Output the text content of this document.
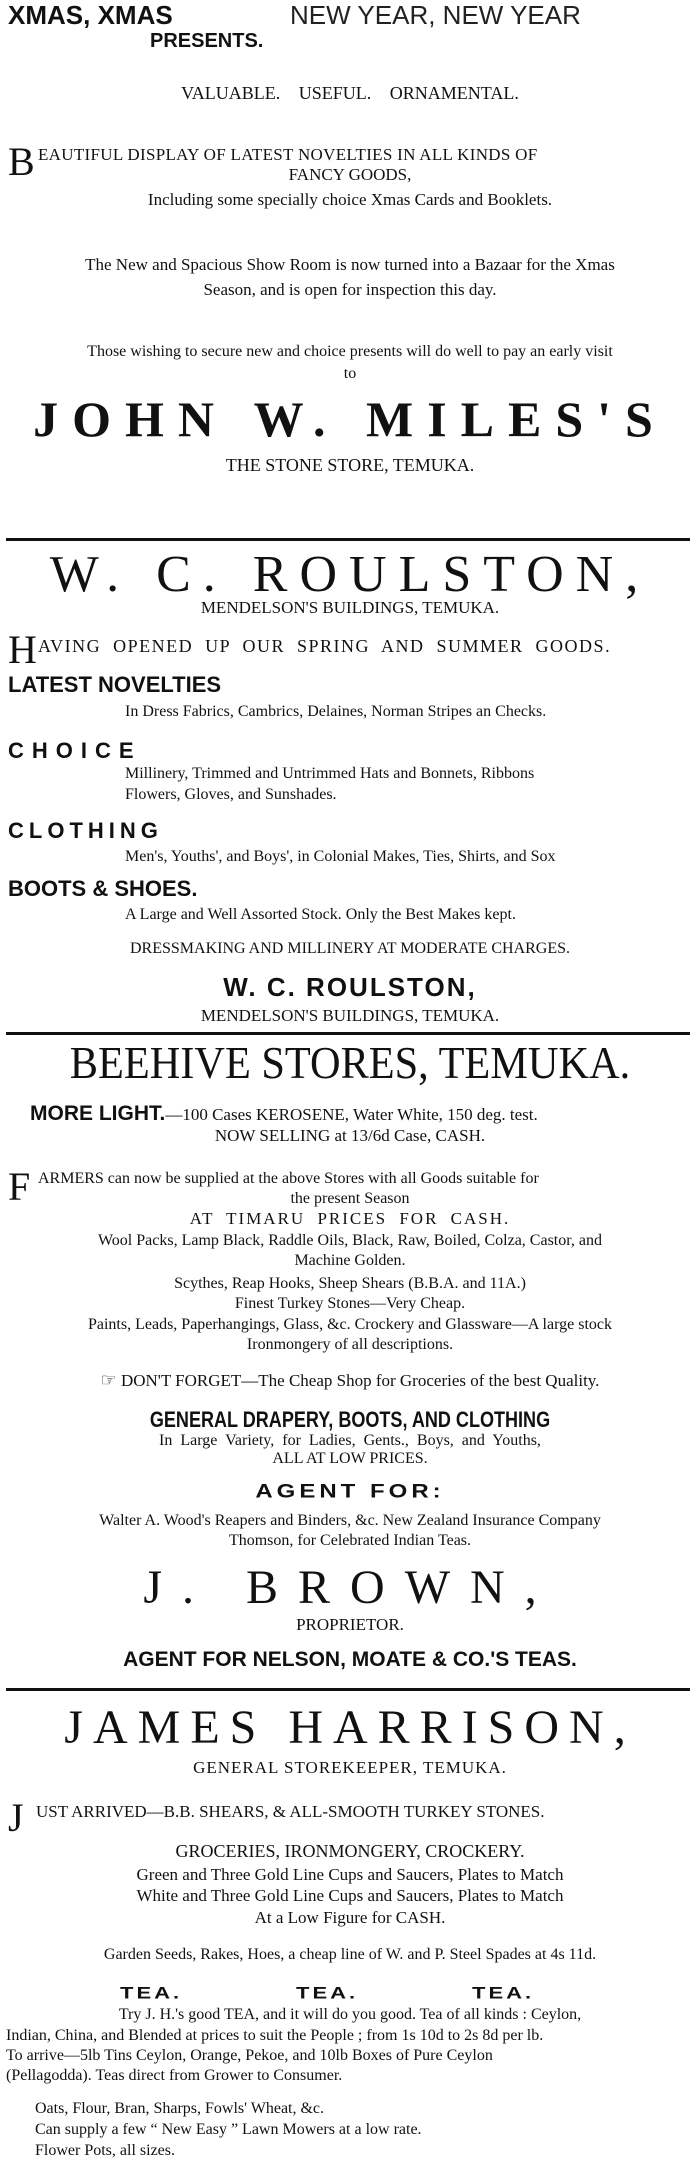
XMAS, XMAS	NEW YEAR, NEW YEAR
PRESENTS.
VALUABLE. USEFUL. ORNAMENTAL.
B EAUTIFUL DISPLAY OF LATEST NOVELTIES IN ALL KINDS OF
FANCY GOODS,
Including some specially choice Xmas Cards and Booklets.
The New and Spacious Show Room is now turned into a Bazaar for the Xmas
Season, and is open for inspection this day.
Those wishing to secure new and choice presents will do well to pay an early visit
to
JOHN W. MILES'S
THE STONE STORE, TEMUKA.
W. C. ROULSTON,
MENDELSON'S BUILDINGS, TEMUKA.
H AVING OPENED UP OUR SPRING AND SUMMER GOODS.
LATEST NOVELTIES
In Dress Fabrics, Cambrics, Delaines, Norman Stripes an Checks.
CHOICE
Millinery, Trimmed and Untrimmed Hats and Bonnets, Ribbons
Flowers, Gloves, and Sunshades.
CLOTHING
Men's, Youths', and Boys', in Colonial Makes, Ties, Shirts, and Sox
BOOTS & SHOES.
A Large and Well Assorted Stock. Only the Best Makes kept.
DRESSMAKING AND MILLINERY AT MODERATE CHARGES.
W. C. ROULSTON,
MENDELSON'S BUILDINGS, TEMUKA.
BEEHIVE STORES, TEMUKA.
MORE LIGHT.—100 Cases KEROSENE, Water White, 150 deg. test.
NOW SELLING at 13/6d Case, CASH.
F ARMERS can now be supplied at the above Stores with all Goods suitable for
the present Season
AT TIMARU PRICES FOR CASH.
Wool Packs, Lamp Black, Raddle Oils, Black, Raw, Boiled, Colza, Castor, and
Machine Golden.
Scythes, Reap Hooks, Sheep Shears (B.B.A. and 11A.)
Finest Turkey Stones—Very Cheap.
Paints, Leads, Paperhangings, Glass, &c. Crockery and Glassware—A large stock
Ironmongery of all descriptions.
☞ DON'T FORGET—The Cheap Shop for Groceries of the best Quality.
GENERAL DRAPERY, BOOTS, AND CLOTHING
In Large Variety, for Ladies, Gents., Boys, and Youths,
ALL AT LOW PRICES.
AGENT FOR:
Walter A. Wood's Reapers and Binders, &c. New Zealand Insurance Company
Thomson, for Celebrated Indian Teas.
J. BROWN,
PROPRIETOR.
AGENT FOR NELSON, MOATE & CO.'S TEAS.
JAMES HARRISON,
GENERAL STOREKEEPER, TEMUKA.
J UST ARRIVED—B.B. SHEARS, & ALL-SMOOTH TURKEY STONES.
GROCERIES, IRONMONGERY, CROCKERY.
Green and Three Gold Line Cups and Saucers, Plates to Match
White and Three Gold Line Cups and Saucers, Plates to Match
At a Low Figure for CASH.
Garden Seeds, Rakes, Hoes, a cheap line of W. and P. Steel Spades at 4s 11d.
TEA.	TEA.	TEA.
Try J. H.'s good TEA, and it will do you good. Tea of all kinds : Ceylon,
Indian, China, and Blended at prices to suit the People ; from 1s 10d to 2s 8d per lb.
To arrive—5lb Tins Ceylon, Orange, Pekoe, and 10lb Boxes of Pure Ceylon
(Pellagodda). Teas direct from Grower to Consumer.
Oats, Flour, Bran, Sharps, Fowls' Wheat, &c.
Can supply a few “ New Easy ” Lawn Mowers at a low rate.
Flower Pots, all sizes.
